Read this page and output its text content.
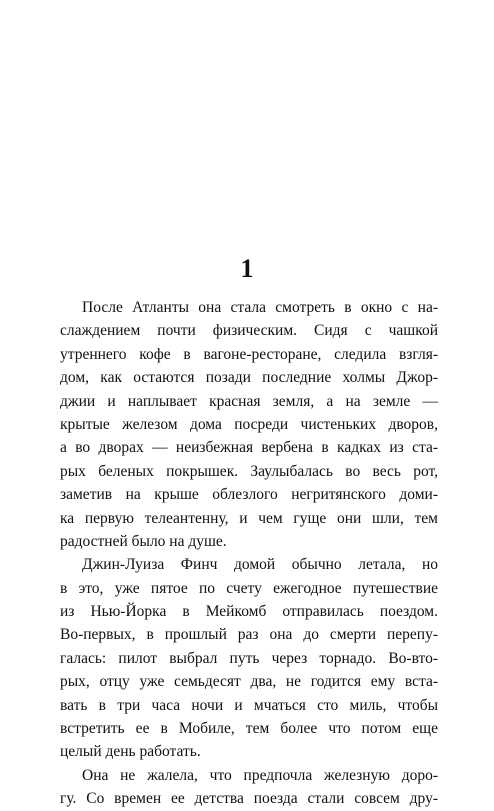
1
После Атланты она стала смотреть в окно с на-
слаждением почти физическим. Сидя с чашкой
утреннего кофе в вагоне-ресторане, следила взгля-
дом, как остаются позади последние холмы Джор-
джии и наплывает красная земля, а на земле —
крытые железом дома посреди чистеньких дворов,
а во дворах — неизбежная вербена в кадках из ста-
рых беленых покрышек. Заулыбалась во весь рот,
заметив на крыше облезлого негритянского доми-
ка первую телеантенну, и чем гуще они шли, тем
радостней было на душе.
Джин-Луиза Финч домой обычно летала, но
в это, уже пятое по счету ежегодное путешествие
из Нью-Йорка в Мейкомб отправилась поездом.
Во-первых, в прошлый раз она до смерти перепу-
галась: пилот выбрал путь через торнадо. Во-вто-
рых, отцу уже семьдесят два, не годится ему вста-
вать в три часа ночи и мчаться сто миль, чтобы
встретить ее в Мобиле, тем более что потом еще
целый день работать.
Она не жалела, что предпочла железную доро-
гу. Со времен ее детства поезда стали совсем дру-
